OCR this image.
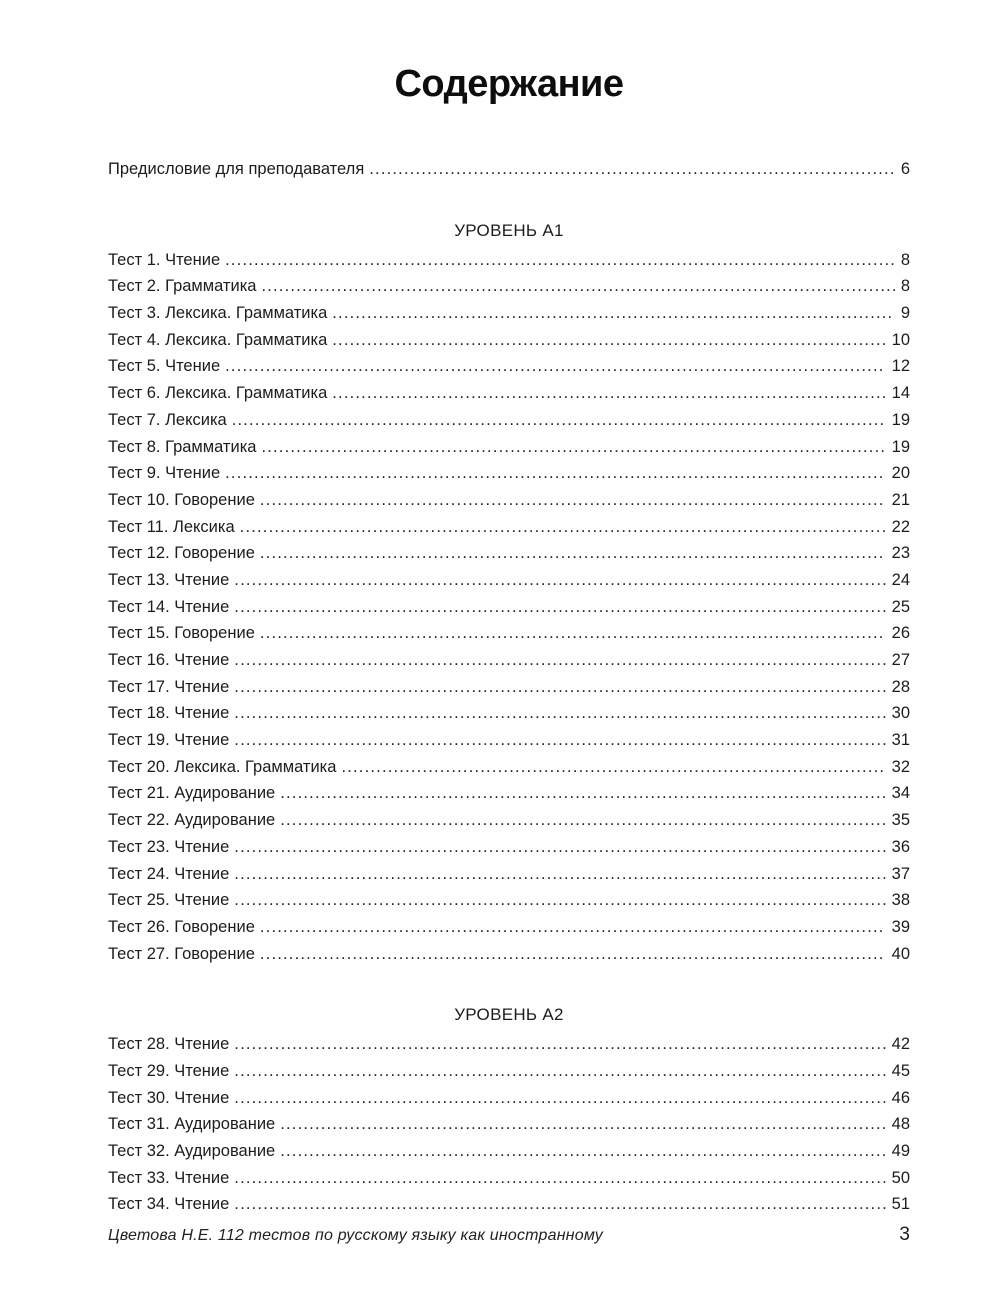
Содержание
Предисловие для преподавателя .....	6
УРОВЕНЬ А1
Тест 1. Чтение .....	8
Тест 2. Грамматика .....	8
Тест 3. Лексика. Грамматика .....	9
Тест 4. Лексика. Грамматика .....	10
Тест 5. Чтение .....	12
Тест 6. Лексика. Грамматика .....	14
Тест 7. Лексика .....	19
Тест 8. Грамматика .....	19
Тест 9. Чтение .....	20
Тест 10. Говорение .....	21
Тест 11. Лексика .....	22
Тест 12. Говорение .....	23
Тест 13. Чтение .....	24
Тест 14. Чтение .....	25
Тест 15. Говорение .....	26
Тест 16. Чтение .....	27
Тест 17. Чтение .....	28
Тест 18. Чтение .....	30
Тест 19. Чтение .....	31
Тест 20. Лексика. Грамматика .....	32
Тест 21. Аудирование .....	34
Тест 22. Аудирование .....	35
Тест 23. Чтение .....	36
Тест 24. Чтение .....	37
Тест 25. Чтение .....	38
Тест 26. Говорение .....	39
Тест 27. Говорение .....	40
УРОВЕНЬ А2
Тест 28. Чтение .....	42
Тест 29. Чтение .....	45
Тест 30. Чтение .....	46
Тест 31. Аудирование .....	48
Тест 32. Аудирование .....	49
Тест 33. Чтение .....	50
Тест 34. Чтение .....	51
Цветова Н.Е. 112 тестов по русскому языку как иностранному	3
